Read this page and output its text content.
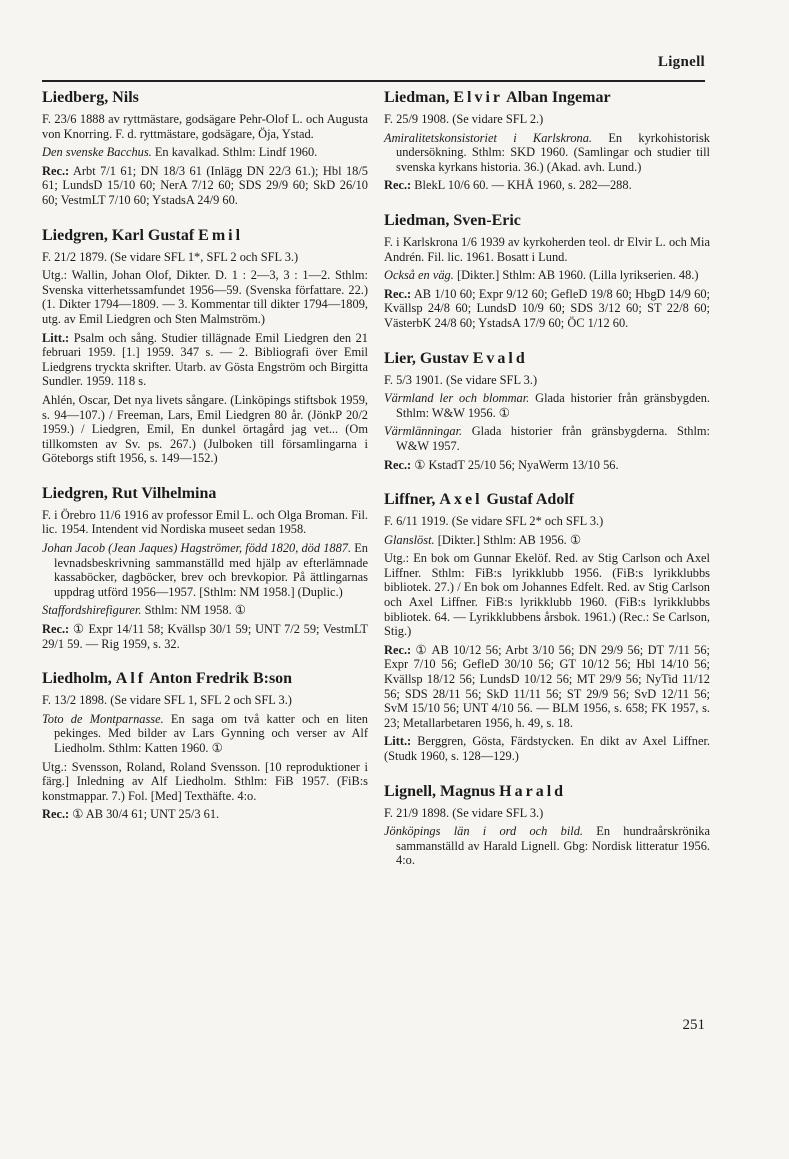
Lignell
Liedberg, Nils

F. 23/6 1888 av ryttmästare, godsägare Pehr-Olof L. och Augusta von Knorring. F. d. ryttmästare, godsägare, Öja, Ystad.

Den svenske Bacchus. En kavalkad. Sthlm: Lindf 1960.

Rec.: Arbt 7/1 61; DN 18/3 61 (Inlägg DN 22/3 61.); Hbl 18/5 61; LundsD 15/10 60; NerA 7/12 60; SDS 29/9 60; SkD 26/10 60; VestmLT 7/10 60; YstadsA 24/9 60.

Liedgren, Karl Gustaf Emil

F. 21/2 1879. (Se vidare SFL 1*, SFL 2 och SFL 3.)

Utg.: Wallin, Johan Olof, Dikter. D. 1 : 2—3, 3 : 1—2. Sthlm: Svenska vitterhetssamfundet 1956—59. (Svenska författare. 22.) (1. Dikter 1794—1809. — 3. Kommentar till dikter 1794—1809, utg. av Emil Liedgren och Sten Malmström.)

Litt.: Psalm och sång. Studier tillägnade Emil Liedgren den 21 februari 1959. [1.] 1959. 347 s. — 2. Bibliografi över Emil Liedgrens tryckta skrifter. Utarb. av Gösta Engström och Birgitta Sundler. 1959. 118 s.

Ahlén, Oscar, Det nya livets sångare. (Linköpings stiftsbok 1959, s. 94—107.) / Freeman, Lars, Emil Liedgren 80 år. (JönkP 20/2 1959.) / Liedgren, Emil, En dunkel örtagård jag vet... (Om tillkomsten av Sv. ps. 267.) (Julboken till församlingarna i Göteborgs stift 1956, s. 149—152.)

Liedgren, Rut Vilhelmina

F. i Örebro 11/6 1916 av professor Emil L. och Olga Broman. Fil. lic. 1954. Intendent vid Nordiska museet sedan 1958.

Johan Jacob (Jean Jaques) Hagströmer, född 1820, död 1887. En levnadsbeskrivning sammanställd med hjälp av efterlämnade kassaböcker, dagböcker, brev och brevkopior. På ättlingarnas uppdrag utförd 1956—1957. [Sthlm: NM 1958.] (Duplic.)

Staffordshirefigurer. Sthlm: NM 1958. ①

Rec.: ① Expr 14/11 58; Kvällsp 30/1 59; UNT 7/2 59; VestmLT 29/1 59. — Rig 1959, s. 32.

Liedholm, Alf Anton Fredrik B:son

F. 13/2 1898. (Se vidare SFL 1, SFL 2 och SFL 3.)

Toto de Montparnasse. En saga om två katter och en liten pekinges. Med bilder av Lars Gynning och verser av Alf Liedholm. Sthlm: Katten 1960. ①

Utg.: Svensson, Roland, Roland Svensson. [10 reproduktioner i färg.] Inledning av Alf Liedholm. Sthlm: FiB 1957. (FiB:s konstmappar. 7.) Fol. [Med] Texthäfte. 4:o.

Rec.: ① AB 30/4 61; UNT 25/3 61.

Liedman, Elvir Alban Ingemar

F. 25/9 1908. (Se vidare SFL 2.)

Amiralitetskonsistoriet i Karlskrona. En kyrkohistorisk undersökning. Sthlm: SKD 1960. (Samlingar och studier till svenska kyrkans historia. 36.) (Akad. avh. Lund.)

Rec.: BlekL 10/6 60. — KHÅ 1960, s. 282—288.

Liedman, Sven-Eric

F. i Karlskrona 1/6 1939 av kyrkoherden teol. dr Elvir L. och Mia Andrén. Fil. lic. 1961. Bosatt i Lund.

Också en väg. [Dikter.] Sthlm: AB 1960. (Lilla lyrikserien. 48.)

Rec.: AB 1/10 60; Expr 9/12 60; GefleD 19/8 60; HbgD 14/9 60; Kvällsp 24/8 60; LundsD 10/9 60; SDS 3/12 60; ST 22/8 60; VästerbK 24/8 60; YstadsA 17/9 60; ÖC 1/12 60.

Lier, Gustav Evald

F. 5/3 1901. (Se vidare SFL 3.)

Värmland ler och blommar. Glada historier från gränsbygden. Sthlm: W&W 1956. ①

Värmlänningar. Glada historier från gränsbygderna. Sthlm: W&W 1957.

Rec.: ① KstadT 25/10 56; NyaWerm 13/10 56.

Liffner, Axel Gustaf Adolf

F. 6/11 1919. (Se vidare SFL 2* och SFL 3.)

Glanslöst. [Dikter.] Sthlm: AB 1956. ①

Utg.: En bok om Gunnar Ekelöf. Red. av Stig Carlson och Axel Liffner. Sthlm: FiB:s lyrikklubb 1956. (FiB:s lyrikklubbs bibliotek. 27.) / En bok om Johannes Edfelt. Red. av Stig Carlson och Axel Liffner. FiB:s lyrikklubb 1960. (FiB:s lyrikklubbs bibliotek. 64. — Lyrikklubbens årsbok. 1961.) (Rec.: Se Carlson, Stig.)

Rec.: ① AB 10/12 56; Arbt 3/10 56; DN 29/9 56; DT 7/11 56; Expr 7/10 56; GefleD 30/10 56; GT 10/12 56; Hbl 14/10 56; Kvällsp 18/12 56; LundsD 10/12 56; MT 29/9 56; NyTid 11/12 56; SDS 28/11 56; SkD 11/11 56; ST 29/9 56; SvD 12/11 56; SvM 15/10 56; UNT 4/10 56. — BLM 1956, s. 658; FK 1957, s. 23; Metallarbetaren 1956, h. 49, s. 18.

Litt.: Berggren, Gösta, Färdstycken. En dikt av Axel Liffner. (Studk 1960, s. 128—129.)

Lignell, Magnus Harald

F. 21/9 1898. (Se vidare SFL 3.)

Jönköpings län i ord och bild. En hundraårskrönika sammanställd av Harald Lignell. Gbg: Nordisk litteratur 1956. 4:o.

251
